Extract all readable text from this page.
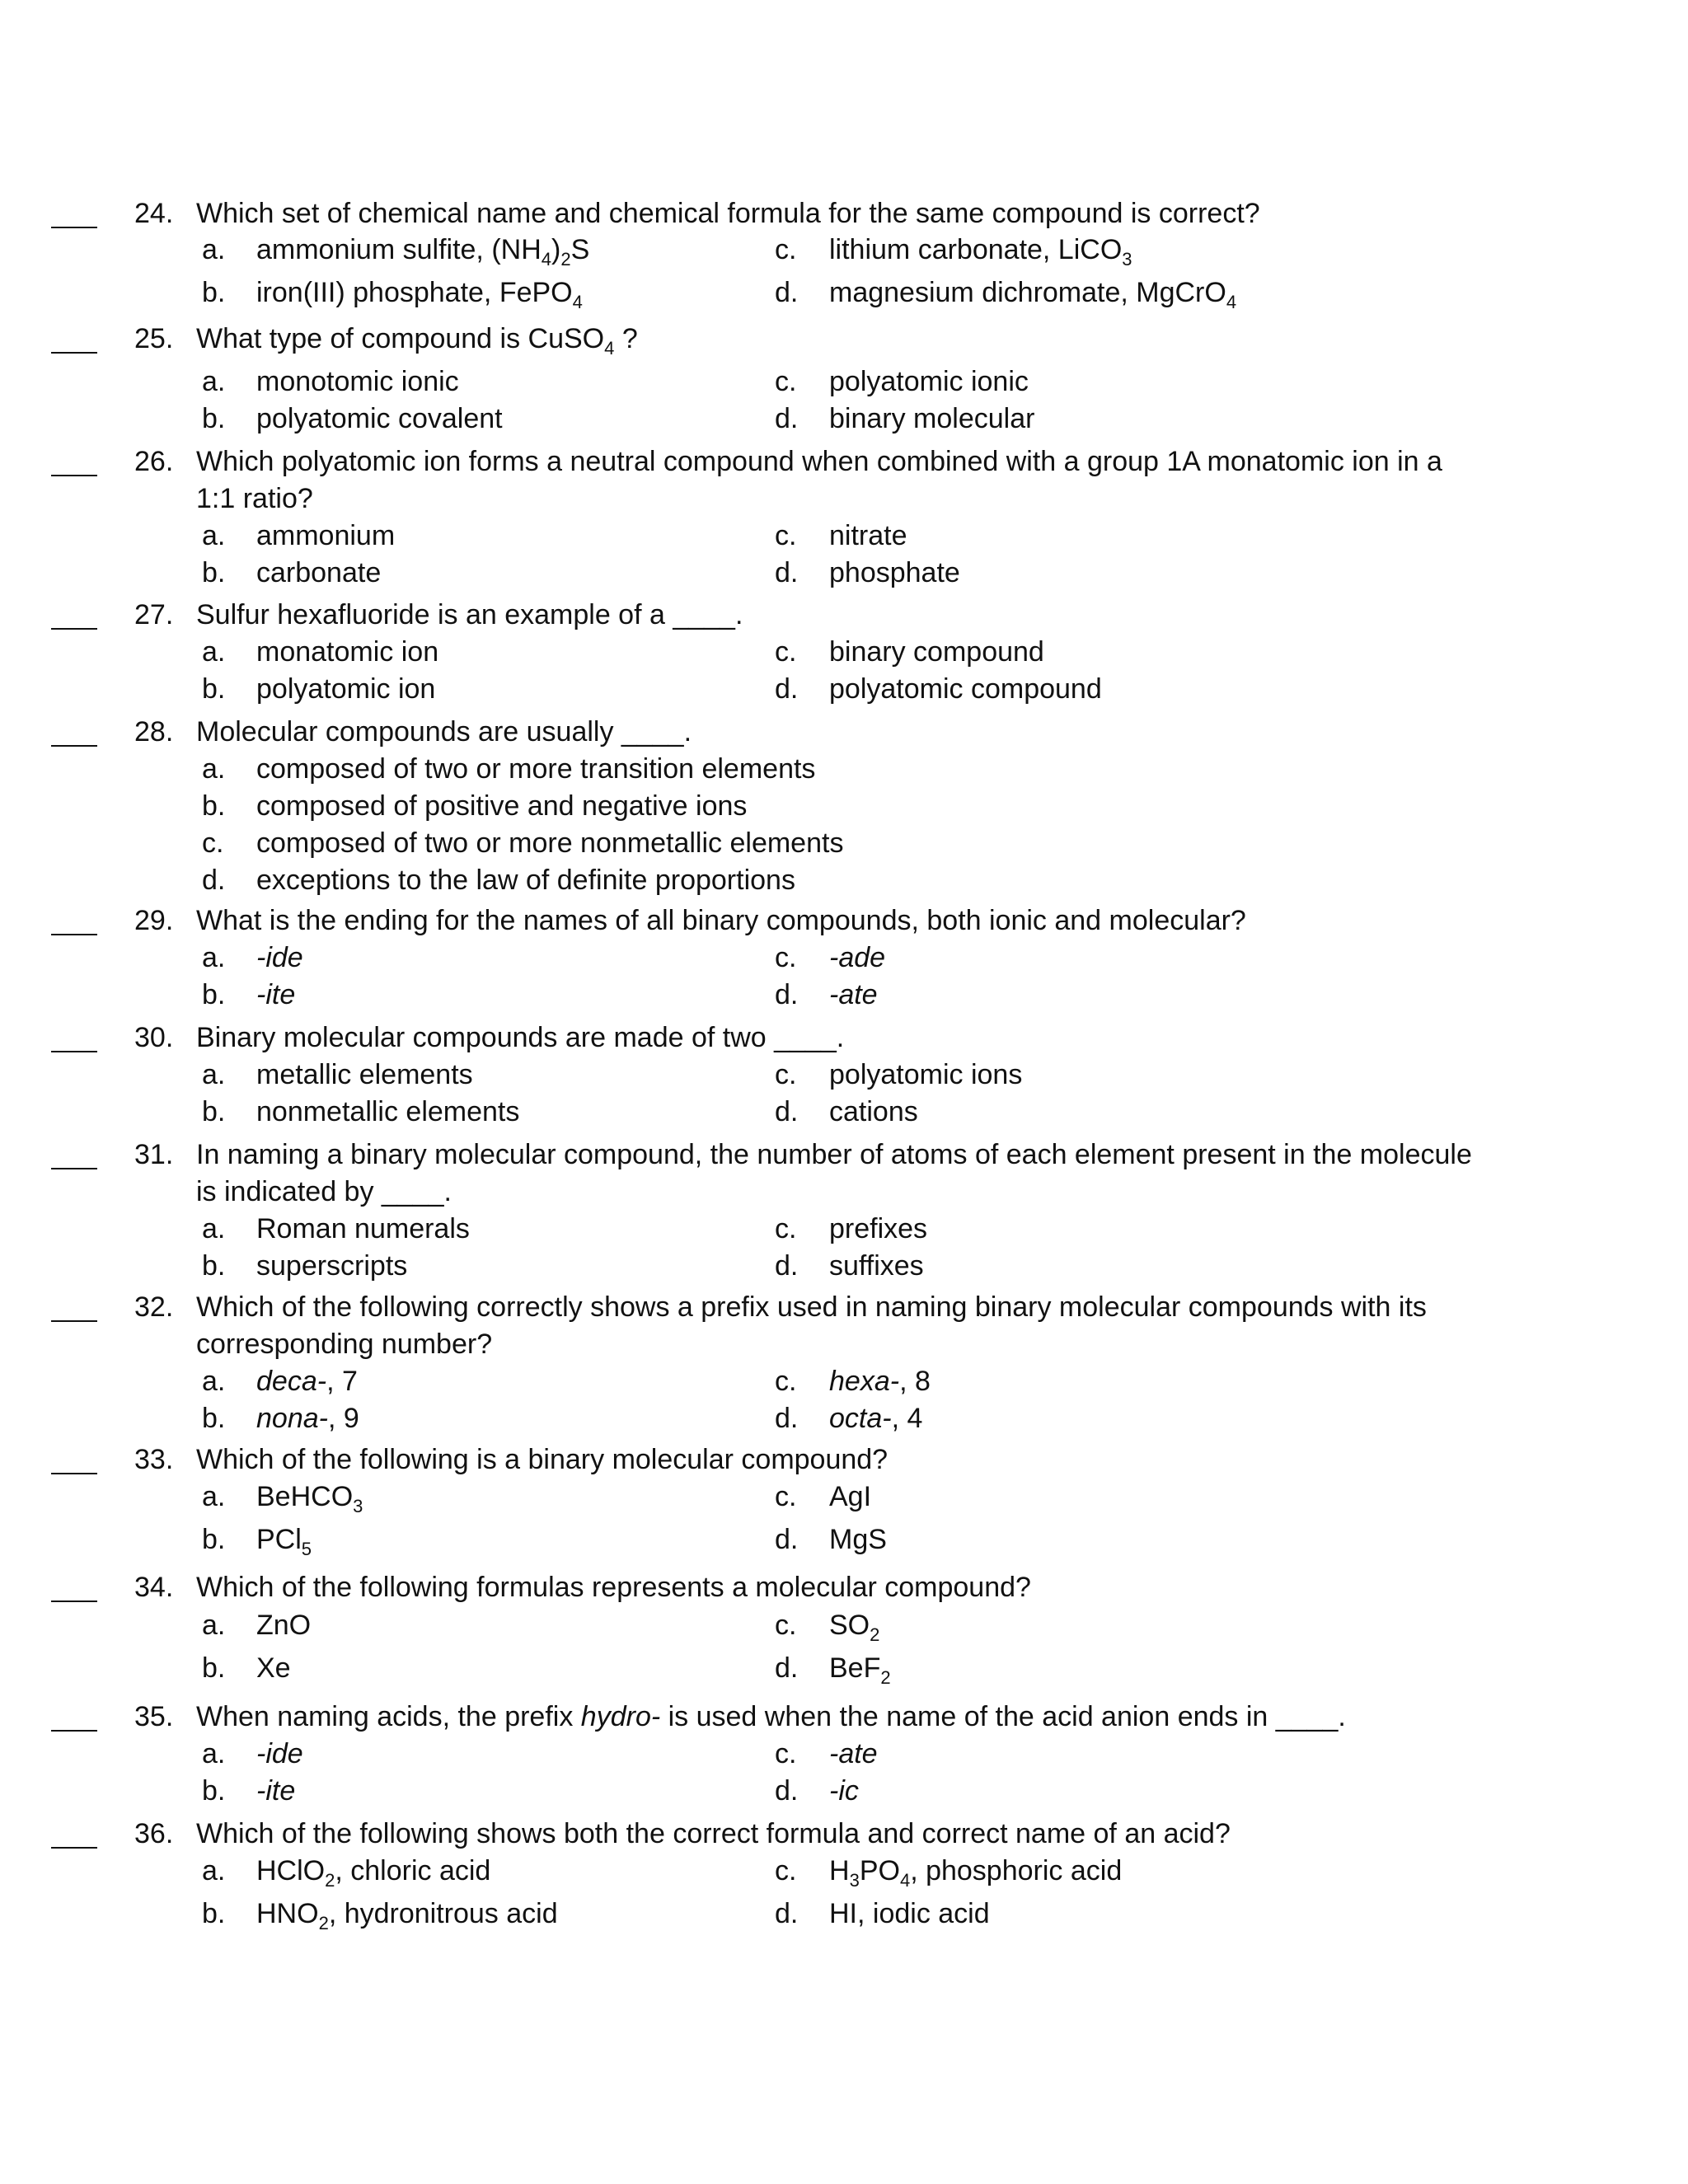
24. Which set of chemical name and chemical formula for the same compound is correct?
a. ammonium sulfite, $(NH_4)_2S$
b. iron(III) phosphate, FePO$_4$
c. lithium carbonate, LiCO$_3$
d. magnesium dichromate, MgCrO$_4$
25. What type of compound is CuSO$_4$ ?
a. monotomic ionic
b. polyatomic covalent
c. polyatomic ionic
d. binary molecular
26. Which polyatomic ion forms a neutral compound when combined with a group 1A monatomic ion in a
1:1 ratio?
a. ammonium
b. carbonate
c. nitrate
d. phosphate
27. Sulfur hexafluoride is an example of a ____.
a. monatomic ion
b. polyatomic ion
c. binary compound
d. polyatomic compound
28. Molecular compounds are usually ____.
a. composed of two or more transition elements
b. composed of positive and negative ions
c. composed of two or more nonmetallic elements
d. exceptions to the law of definite proportions
29. What is the ending for the names of all binary compounds, both ionic and molecular?
a. -ide
b. -ite
c. -ade
d. -ate
30. Binary molecular compounds are made of two ____.
a. metallic elements
b. nonmetallic elements
c. polyatomic ions
d. cations
31. In naming a binary molecular compound, the number of atoms of each element present in the molecule
is indicated by ____.
a. Roman numerals
b. superscripts
c. prefixes
d. suffixes
32. Which of the following correctly shows a prefix used in naming binary molecular compounds with its
corresponding number?
a. deca-, 7
b. nona-, 9
c. hexa-, 8
d. octa-, 4
33. Which of the following is a binary molecular compound?
a. BeHCO$_3$
b. PCl$_5$
c. AgI
d. MgS
34. Which of the following formulas represents a molecular compound?
a. ZnO
b. Xe
c. $SO_2$
d. BeF$_2$
35. When naming acids, the prefix hydro- is used when the name of the acid anion ends in ____.
a. -ide
b. -ite
c. -ate
d. -ic
36. Which of the following shows both the correct formula and correct name of an acid?
a. HClO$_2$, chloric acid
b. $HNO_2$, hydronitrous acid
c. $H_3PO_4$, phosphoric acid
d. HI, iodic acid
